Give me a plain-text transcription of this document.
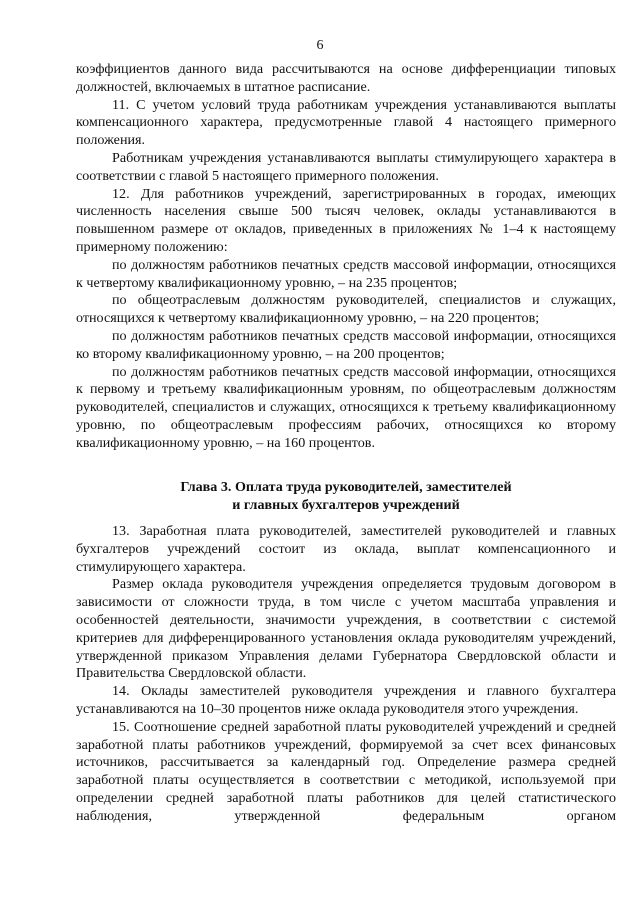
6

коэффициентов данного вида рассчитываются на основе дифференциации типовых должностей, включаемых в штатное расписание.

11. С учетом условий труда работникам учреждения устанавливаются выплаты компенсационного характера, предусмотренные главой 4 настоящего примерного положения.

Работникам учреждения устанавливаются выплаты стимулирующего характера в соответствии с главой 5 настоящего примерного положения.

12. Для работников учреждений, зарегистрированных в городах, имеющих численность населения свыше 500 тысяч человек, оклады устанавливаются в повышенном размере от окладов, приведенных в приложениях № 1–4 к настоящему примерному положению:

по должностям работников печатных средств массовой информации, относящихся к четвертому квалификационному уровню, – на 235 процентов;

по общеотраслевым должностям руководителей, специалистов и служащих, относящихся к четвертому квалификационному уровню, – на 220 процентов;

по должностям работников печатных средств массовой информации, относящихся ко второму квалификационному уровню, – на 200 процентов;

по должностям работников печатных средств массовой информации, относящихся к первому и третьему квалификационным уровням, по общеотраслевым должностям руководителей, специалистов и служащих, относящихся к третьему квалификационному уровню, по общеотраслевым профессиям рабочих, относящихся ко второму квалификационному уровню, – на 160 процентов.

Глава 3. Оплата труда руководителей, заместителей
и главных бухгалтеров учреждений

13. Заработная плата руководителей, заместителей руководителей и главных бухгалтеров учреждений состоит из оклада, выплат компенсационного и стимулирующего характера.

Размер оклада руководителя учреждения определяется трудовым договором в зависимости от сложности труда, в том числе с учетом масштаба управления и особенностей деятельности, значимости учреждения, в соответствии с системой критериев для дифференцированного установления оклада руководителям учреждений, утвержденной приказом Управления делами Губернатора Свердловской области и Правительства Свердловской области.

14. Оклады заместителей руководителя учреждения и главного бухгалтера устанавливаются на 10–30 процентов ниже оклада руководителя этого учреждения.

15. Соотношение средней заработной платы руководителей учреждений и средней заработной платы работников учреждений, формируемой за счет всех финансовых источников, рассчитывается за календарный год. Определение размера средней заработной платы осуществляется в соответствии с методикой, используемой при определении средней заработной платы работников для целей статистического наблюдения, утвержденной федеральным органом
